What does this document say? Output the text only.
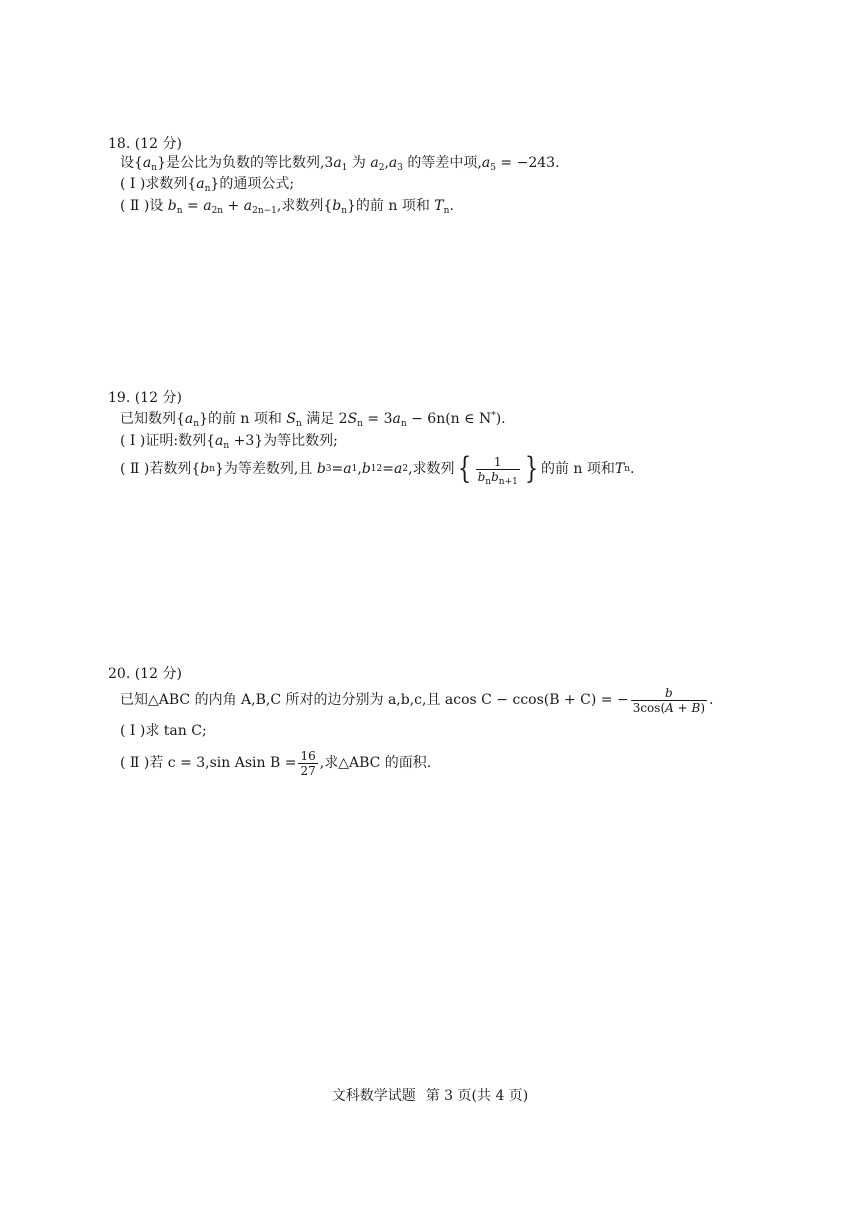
18. (12 分)
设$\{a_n\}$是公比为负数的等比数列$,3a_1$ 为 $a_2,a_3$ 的等差中项$,a_5 = -243$.
( Ⅰ )求数列$\{a_n\}$的通项公式;
( Ⅱ )设 $b_n = a_{2n} + a_{2n-1}$,求数列$\{b_n\}$的前 n 项和 $T_n$.
19. (12 分)
已知数列$\{a_n\}$的前 n 项和 $S_n$ 满足 $2S_n = 3a_n - 6n(n$ ∈ N*).
( Ⅰ )证明:数列$\{a_n +3\}$为等比数列;
( Ⅱ )若数列{ b n }为等差数列,且
b 3 = a 1 , b 12 = a 2 ,求数列 { $\frac{1}{b_nb_{n+1}}$ } 的前 n 项和 T n .
20. (12 分)
已知△ABC 的内角 A,B,C 所对的边分别为 a,b,c,且 acos C − ccos(B + C) = − $\frac{b}{3\cos(A + B)}$ .
( Ⅰ )求 tan C;
( Ⅱ )若 c = 3,sin Asin $B = \frac{16}{27}$ ,求△ABC 的面积.
文科数学试题 第 3 页(共 4 页)
